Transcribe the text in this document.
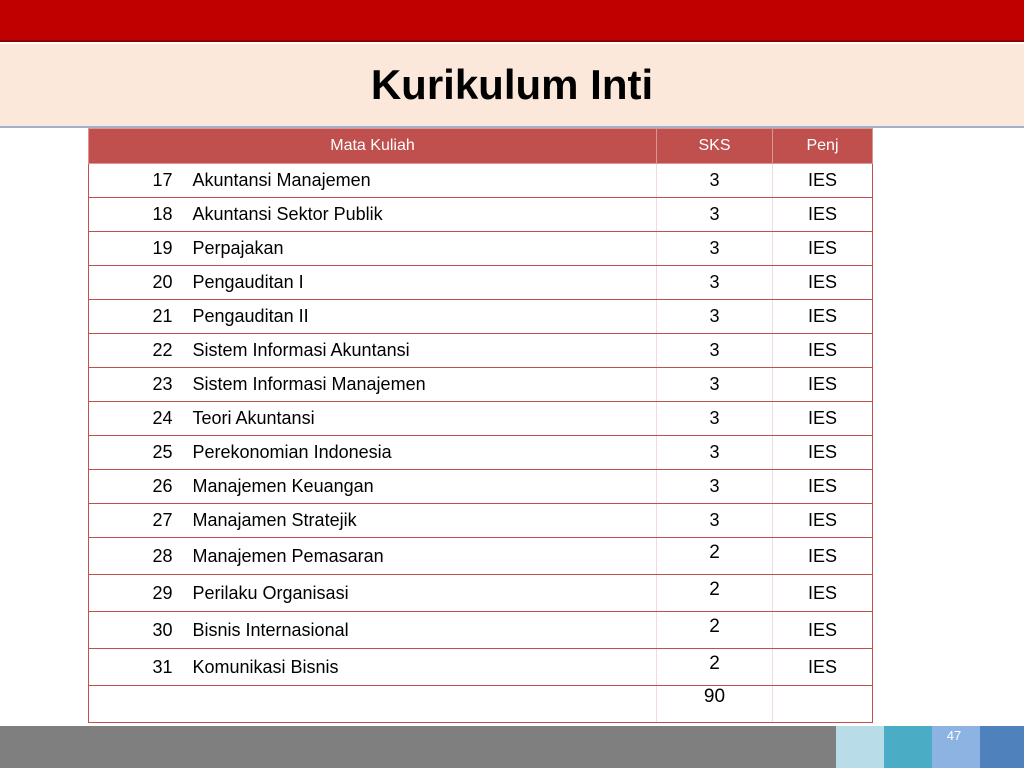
Kurikulum Inti
Mata Kuliah		SKS	Penj
17	Akuntansi Manajemen	3	IES
18	Akuntansi Sektor Publik	3	IES
19	Perpajakan	3	IES
20	Pengauditan I	3	IES
21	Pengauditan II	3	IES
22	Sistem Informasi Akuntansi	3	IES
23	Sistem Informasi Manajemen	3	IES
24	Teori Akuntansi	3	IES
25	Perekonomian Indonesia	3	IES
26	Manajemen Keuangan	3	IES
27	Manajamen Stratejik	3	IES
28	Manajemen Pemasaran	2	IES
29	Perilaku Organisasi	2	IES
30	Bisnis Internasional	2	IES
31	Komunikasi Bisnis	2	IES
		90	
47
